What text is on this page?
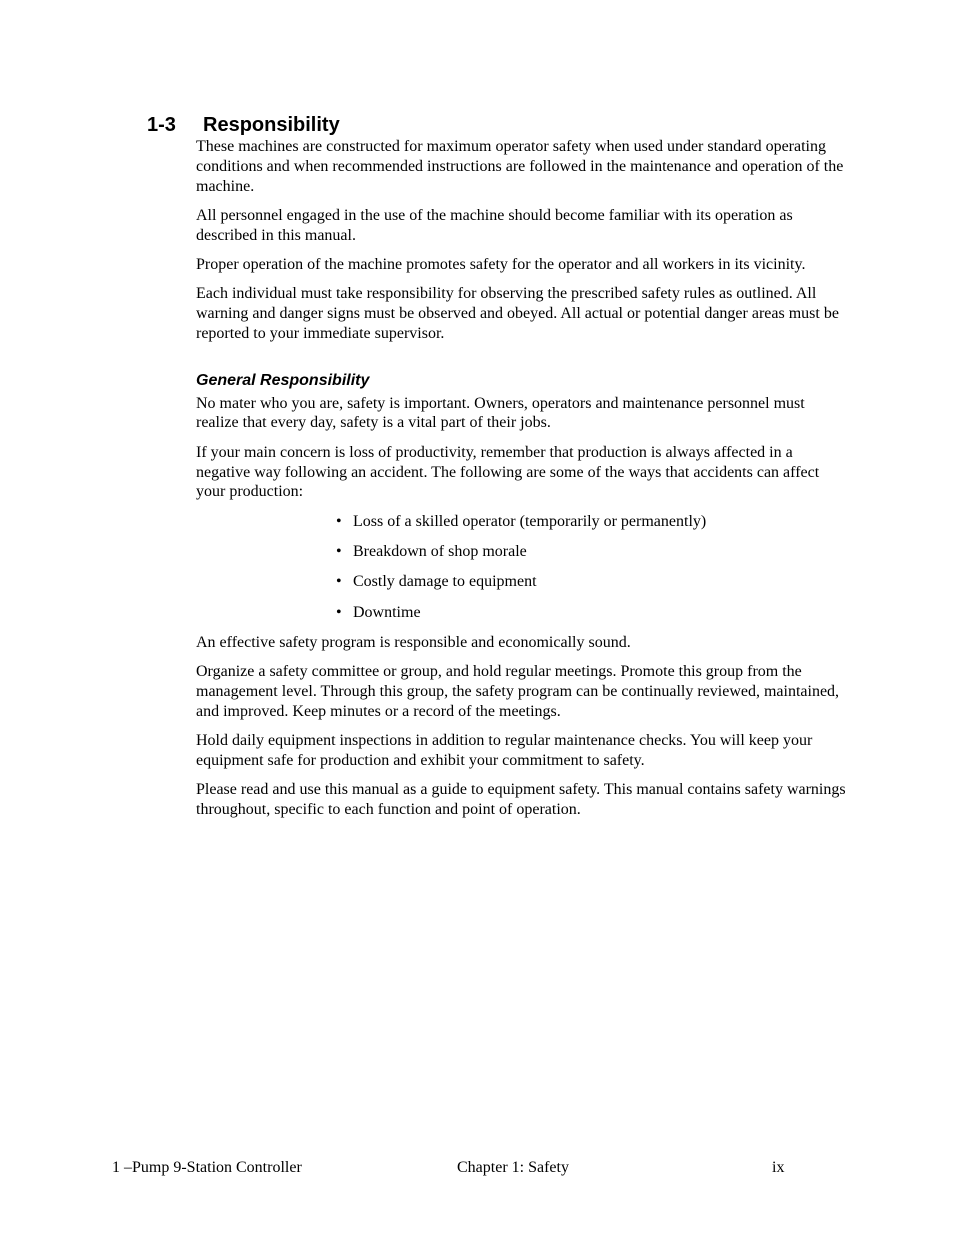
1-3 Responsibility

These machines are constructed for maximum operator safety when used under standard operating conditions and when recommended instructions are followed in the maintenance and operation of the machine.

All personnel engaged in the use of the machine should become familiar with its operation as described in this manual.

Proper operation of the machine promotes safety for the operator and all workers in its vicinity.

Each individual must take responsibility for observing the prescribed safety rules as outlined. All warning and danger signs must be observed and obeyed. All actual or potential danger areas must be reported to your immediate supervisor.

General Responsibility

No mater who you are, safety is important. Owners, operators and maintenance personnel must realize that every day, safety is a vital part of their jobs.

If your main concern is loss of productivity, remember that production is always affected in a negative way following an accident. The following are some of the ways that accidents can affect your production:

• Loss of a skilled operator (temporarily or permanently)
• Breakdown of shop morale
• Costly damage to equipment
• Downtime

An effective safety program is responsible and economically sound.

Organize a safety committee or group, and hold regular meetings. Promote this group from the management level. Through this group, the safety program can be continually reviewed, maintained, and improved. Keep minutes or a record of the meetings.

Hold daily equipment inspections in addition to regular maintenance checks. You will keep your equipment safe for production and exhibit your commitment to safety.

Please read and use this manual as a guide to equipment safety. This manual contains safety warnings throughout, specific to each function and point of operation.

1 –Pump 9-Station Controller	Chapter 1: Safety	ix
